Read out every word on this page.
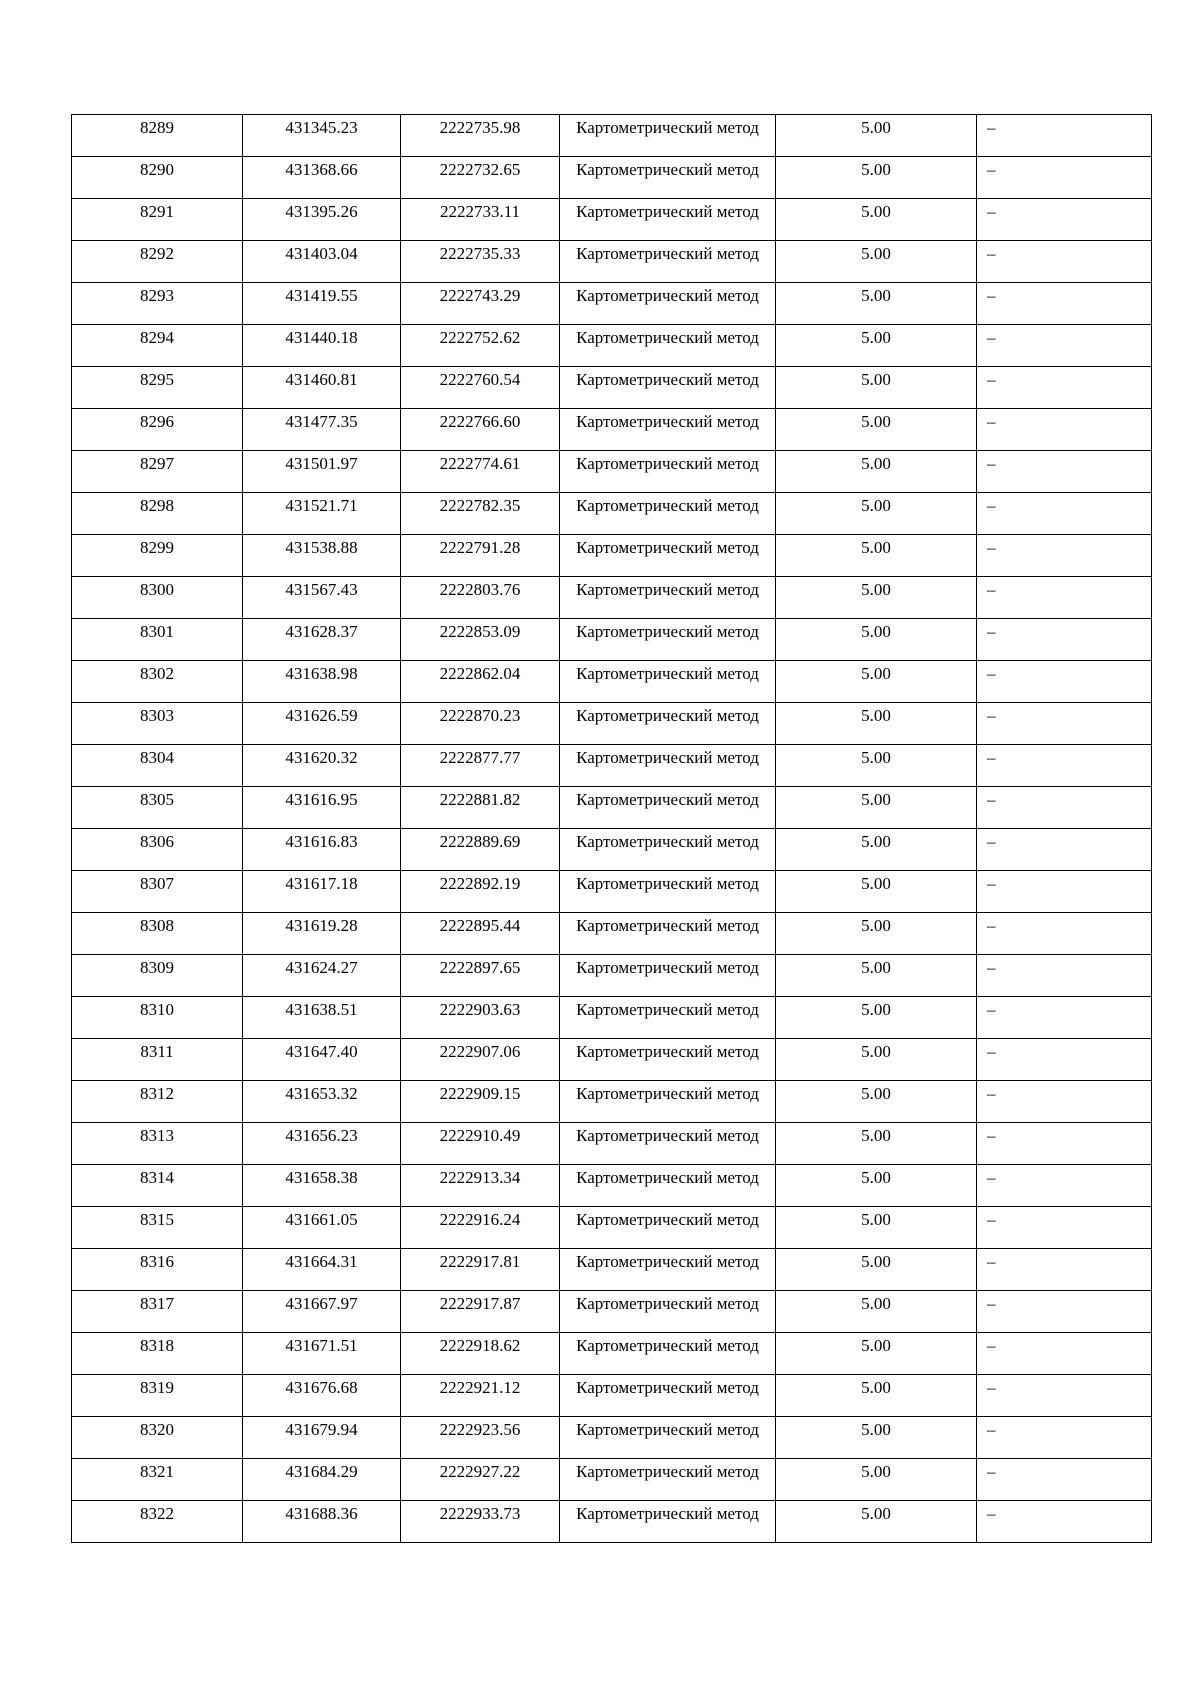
8289	431345.23	2222735.98	Картометрический метод	5.00	–
8290	431368.66	2222732.65	Картометрический метод	5.00	–
8291	431395.26	2222733.11	Картометрический метод	5.00	–
8292	431403.04	2222735.33	Картометрический метод	5.00	–
8293	431419.55	2222743.29	Картометрический метод	5.00	–
8294	431440.18	2222752.62	Картометрический метод	5.00	–
8295	431460.81	2222760.54	Картометрический метод	5.00	–
8296	431477.35	2222766.60	Картометрический метод	5.00	–
8297	431501.97	2222774.61	Картометрический метод	5.00	–
8298	431521.71	2222782.35	Картометрический метод	5.00	–
8299	431538.88	2222791.28	Картометрический метод	5.00	–
8300	431567.43	2222803.76	Картометрический метод	5.00	–
8301	431628.37	2222853.09	Картометрический метод	5.00	–
8302	431638.98	2222862.04	Картометрический метод	5.00	–
8303	431626.59	2222870.23	Картометрический метод	5.00	–
8304	431620.32	2222877.77	Картометрический метод	5.00	–
8305	431616.95	2222881.82	Картометрический метод	5.00	–
8306	431616.83	2222889.69	Картометрический метод	5.00	–
8307	431617.18	2222892.19	Картометрический метод	5.00	–
8308	431619.28	2222895.44	Картометрический метод	5.00	–
8309	431624.27	2222897.65	Картометрический метод	5.00	–
8310	431638.51	2222903.63	Картометрический метод	5.00	–
8311	431647.40	2222907.06	Картометрический метод	5.00	–
8312	431653.32	2222909.15	Картометрический метод	5.00	–
8313	431656.23	2222910.49	Картометрический метод	5.00	–
8314	431658.38	2222913.34	Картометрический метод	5.00	–
8315	431661.05	2222916.24	Картометрический метод	5.00	–
8316	431664.31	2222917.81	Картометрический метод	5.00	–
8317	431667.97	2222917.87	Картометрический метод	5.00	–
8318	431671.51	2222918.62	Картометрический метод	5.00	–
8319	431676.68	2222921.12	Картометрический метод	5.00	–
8320	431679.94	2222923.56	Картометрический метод	5.00	–
8321	431684.29	2222927.22	Картометрический метод	5.00	–
8322	431688.36	2222933.73	Картометрический метод	5.00	–
